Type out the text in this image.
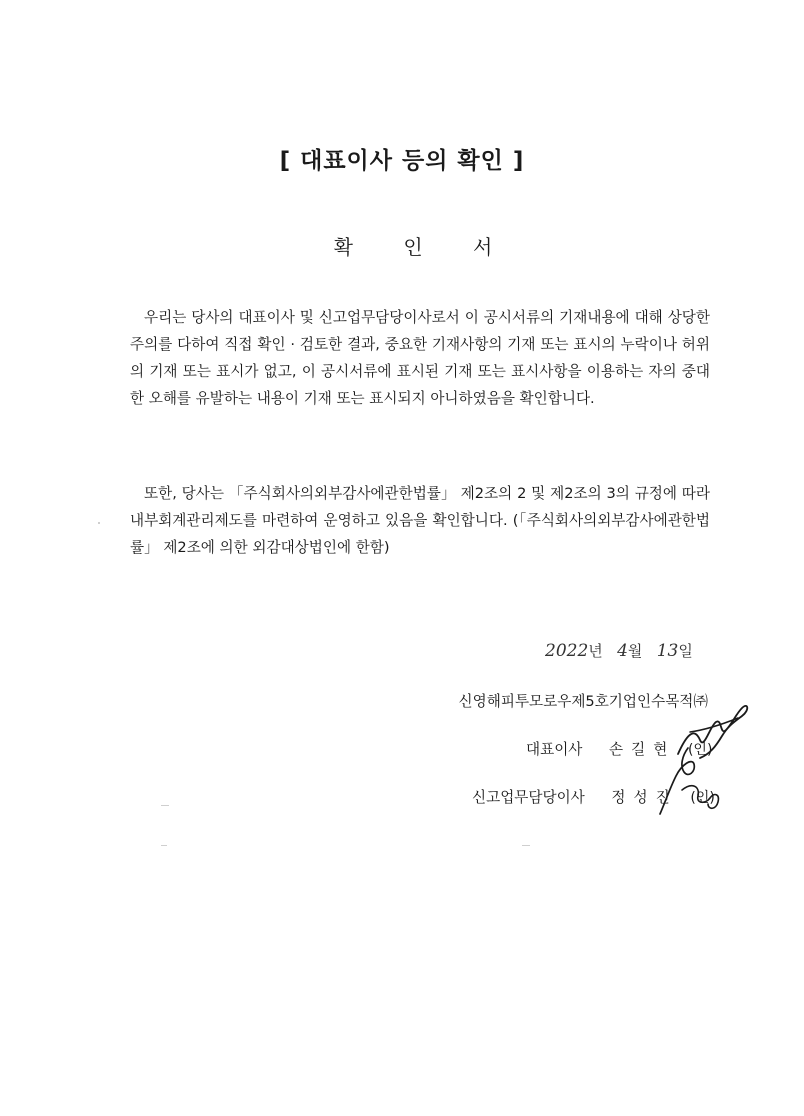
[ 대표이사 등의 확인 ]
확 인 서

우리는 당사의 대표이사 및 신고업무담당이사로서 이 공시서류의 기재내용에 대해 상당한 주의를 다하여 직접 확인 · 검토한 결과, 중요한 기재사항의 기재 또는 표시의 누락이나 허위의 기재 또는 표시가 없고, 이 공시서류에 표시된 기재 또는 표시사항을 이용하는 자의 중대한 오해를 유발하는 내용이 기재 또는 표시되지 아니하였음을 확인합니다.

또한, 당사는 「주식회사의외부감사에관한법률」 제2조의 2 및 제2조의 3의 규정에 따라 내부회계관리제도를 마련하여 운영하고 있음을 확인합니다. (「주식회사의외부감사에관한법률」 제2조에 의한 외감대상법인에 한함)

2022년 4월 13일
신영해피투모로우제5호기업인수목적㈜
대표이사 손길현 (인)
신고업무담당이사 정성진 (인)
